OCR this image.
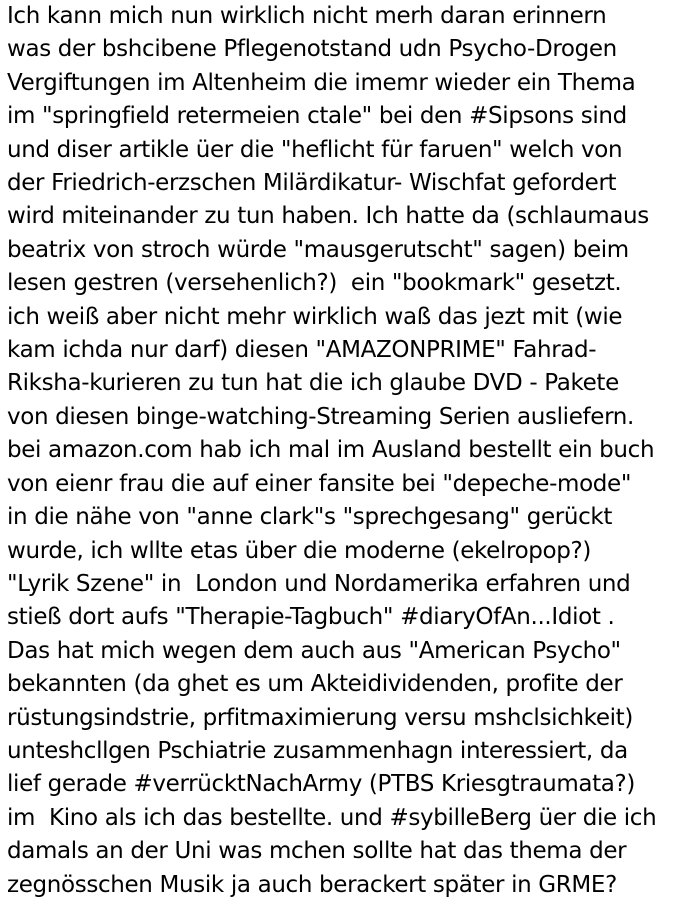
Ich kann mich nun wirklich nicht merh daran erinnern
was der bshcibene Pflegenotstand udn Psycho-Drogen
Vergiftungen im Altenheim die imemr wieder ein Thema
im "springfield retermeien ctale" bei den #Sipsons sind
und diser artikle üer die "heflicht für faruen" welch von
der Friedrich-erzschen Milärdikatur- Wischfat gefordert
wird miteinander zu tun haben. Ich hatte da (schlaumaus
beatrix von stroch würde "mausgerutscht" sagen) beim
lesen gestren (versehenlich?)  ein "bookmark" gesetzt.
ich weiß aber nicht mehr wirklich waß das jezt mit (wie
kam ichda nur darf) diesen "AMAZONPRIME" Fahrad-
Riksha-kurieren zu tun hat die ich glaube DVD - Pakete
von diesen binge-watching-Streaming Serien ausliefern.
bei amazon.com hab ich mal im Ausland bestellt ein buch
von eienr frau die auf einer fansite bei "depeche-mode"
in die nähe von "anne clark"s "sprechgesang" gerückt
wurde, ich wllte etas über die moderne (ekelropop?)
"Lyrik Szene" in  London und Nordamerika erfahren und
stieß dort aufs "Therapie-Tagbuch" #diaryOfAn...Idiot .
Das hat mich wegen dem auch aus "American Psycho"
bekannten (da ghet es um Akteidividenden, profite der
rüstungsindstrie, prfitmaximierung versu mshclsichkeit)
unteshcllgen Pschiatrie zusammenhagn interessiert, da
lief gerade #verrücktNachArmy (PTBS Kriesgtraumata?)
im  Kino als ich das bestellte. und #sybilleBerg üer die ich
damals an der Uni was mchen sollte hat das thema der
zegnösschen Musik ja auch berackert später in GRME?
